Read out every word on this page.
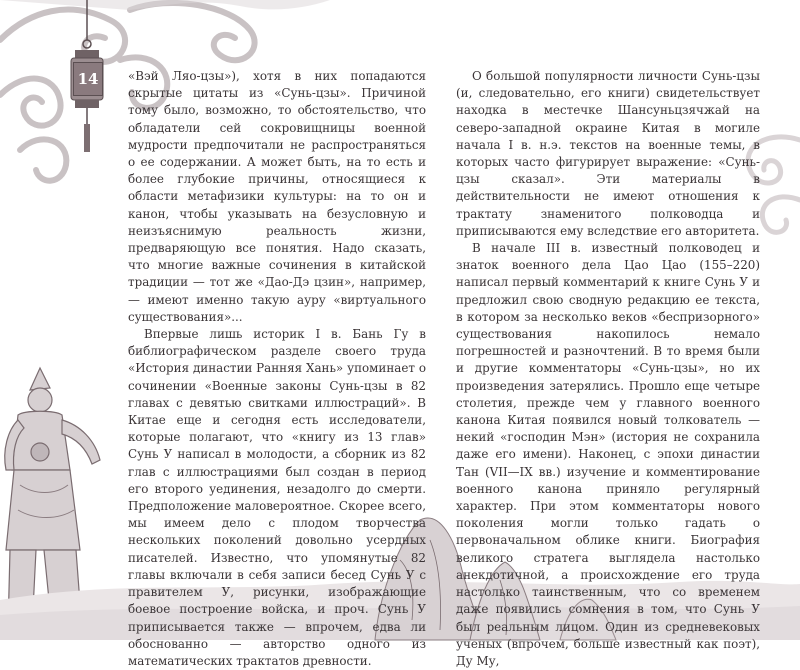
14	«Вэй Ляо-цзы»), хотя в них попадаются скрытые цитаты из «Сунь-цзы». Причиной тому было, возможно, то обстоятельство, что обладатели сей сокровищницы военной мудрости предпочитали не распространяться о ее содержании. А может быть, на то есть и более глубокие причины, относящиеся к области метафизики культуры: на то он и канон, чтобы указывать на безусловную и неизъяснимую реальность жизни, предваряющую все понятия. Надо сказать, что многие важные сочинения в китайской традиции — тот же «Дао-Дэ цзин», например, — имеют именно такую ауру «виртуального существования»...

Впервые лишь историк I в. Бань Гу в библиографическом разделе своего труда «История династии Ранняя Хань» упоминает о сочинении «Военные законы Сунь-цзы в 82 главах с девятью свитками иллюстраций». В Китае еще и сегодня есть исследователи, которые полагают, что «книгу из 13 глав» Сунь У написал в молодости, а сборник из 82 глав с иллюстрациями был создан в период его второго уединения, незадолго до смерти. Предположение маловероятное. Скорее всего, мы имеем дело с плодом творчества нескольких поколений довольно усердных писателей. Известно, что упомянутые 82 главы включали в себя записи бесед Сунь У с правителем У, рисунки, изображающие боевое построение войска, и проч. Сунь У приписывается также — впрочем, едва ли обоснованно — авторство одного из математических трактатов древности.

О большой популярности личности Сунь-цзы (и, следовательно, его книги) свидетельствует находка в местечке Шансуньцзячжай на северо-западной окраине Китая в могиле начала I в. н.э. текстов на военные темы, в которых часто фигурирует выражение: «Сунь-цзы сказал». Эти материалы в действительности не имеют отношения к трактату знаменитого полководца и приписываются ему вследствие его авторитета.

В начале III в. известный полководец и знаток военного дела Цао Цао (155–220) написал первый комментарий к книге Сунь У и предложил свою сводную редакцию ее текста, в котором за несколько веков «беспризорного» существования накопилось немало погрешностей и разночтений. В то время были и другие комментаторы «Сунь-цзы», но их произведения затерялись. Прошло еще четыре столетия, прежде чем у главного военного канона Китая появился новый толкователь — некий «господин Мэн» (история не сохранила даже его имени). Наконец, с эпохи династии Тан (VII—IX вв.) изучение и комментирование военного канона приняло регулярный характер. При этом комментаторы нового поколения могли только гадать о первоначальном облике книги. Биография великого стратега выглядела настолько анекдотичной, а происхождение его труда настолько таинственным, что со временем даже появились сомнения в том, что Сунь У был реальным лицом. Один из средневековых ученых (впрочем, больше известный как поэт), Ду Му,
